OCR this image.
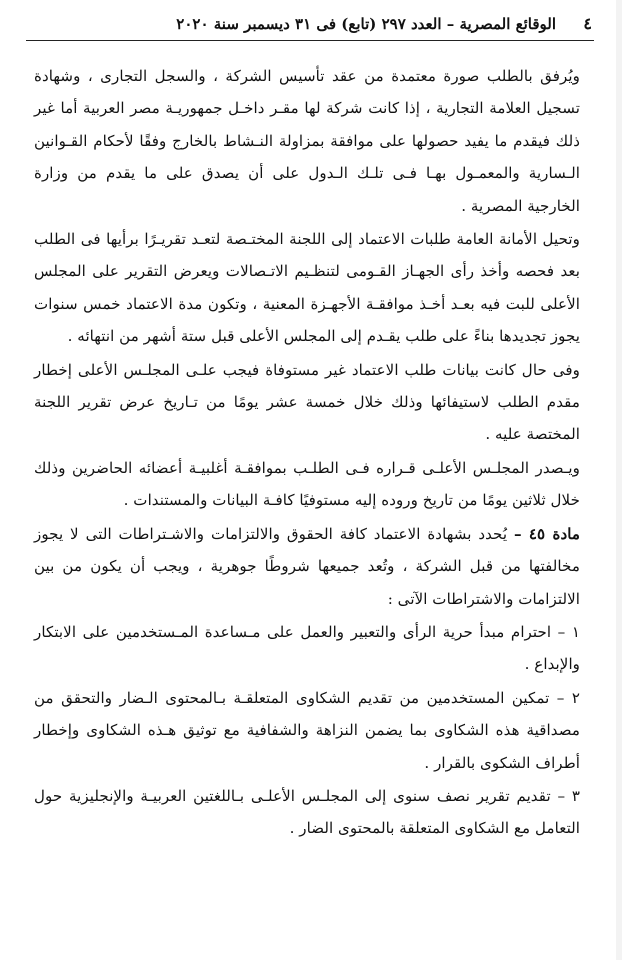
٤
الوقائع المصرية – العدد ٢٩٧ (تابع) فى ٣١ ديسمبر سنة ٢٠٢٠

ويُرفق بالطلب صورة معتمدة من عقد تأسيس الشركة ، والسجل التجارى ، وشهادة تسجيل العلامة التجارية ، إذا كانت شركة لها مقـر داخـل جمهوريـة مصر العربية أما غير ذلك فيقدم ما يفيد حصولها على موافقة بمزاولة النـشاط بالخارج وفقًا لأحكام القـوانين الـسارية والمعمـول بهـا فـى تلـك الـدول على أن يصدق على ما يقدم من وزارة الخارجية المصرية .

وتحيل الأمانة العامة طلبات الاعتماد إلى اللجنة المختـصة لتعـد تقريـرًا برأيها فى الطلب بعد فحصه وأخذ رأى الجهـاز القـومى لتنظـيم الاتـصالات ويعرض التقرير على المجلس الأعلى للبت فيه بعـد أخـذ موافقـة الأجهـزة المعنية ، وتكون مدة الاعتماد خمس سنوات يجوز تجديدها بناءً على طلب يقـدم إلى المجلس الأعلى قبل ستة أشهر من انتهائه .

وفى حال كانت بيانات طلب الاعتماد غير مستوفاة فيجب علـى المجلـس الأعلى إخطار مقدم الطلب لاستيفائها وذلك خلال خمسة عشر يومًا من تـاريخ عرض تقرير اللجنة المختصة عليه .

ويـصدر المجلـس الأعلـى قـراره فـى الطلـب بموافقـة أغلبيـة أعضائه الحاضرين وذلك خلال ثلاثين يومًا من تاريخ وروده إليه مستوفيًا كافـة البيانات والمستندات .

مادة ٤٥ – يُحدد بشهادة الاعتماد كافة الحقوق والالتزامات والاشـتراطات التى لا يجوز مخالفتها من قبل الشركة ، وتُعد جميعها شروطًا جوهرية ، ويجب أن يكون من بين الالتزامات والاشتراطات الآتى :

١ – احترام مبدأ حرية الرأى والتعبير والعمل على مـساعدة المـستخدمين على الابتكار والإبداع .

٢ – تمكين المستخدمين من تقديم الشكاوى المتعلقـة بـالمحتوى الـضار والتحقق من مصداقية هذه الشكاوى بما يضمن النزاهة والشفافية مع توثيق هـذه الشكاوى وإخطار أطراف الشكوى بالقرار .

٣ – تقديم تقرير نصف سنوى إلى المجلـس الأعلـى بـاللغتين العربيـة والإنجليزية حول التعامل مع الشكاوى المتعلقة بالمحتوى الضار .
